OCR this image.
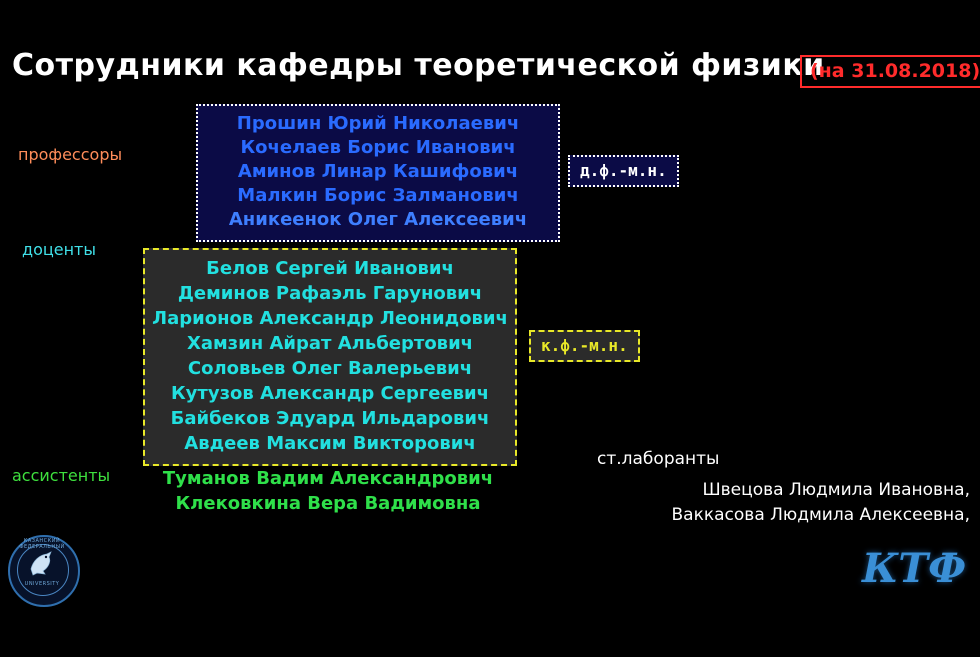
Сотрудники кафедры теоретической физики
(на 31.08.2018)
профессоры
доценты
ассистенты
Прошин Юрий Николаевич
Кочелаев Борис Иванович
Аминов Линар Кашифович
Малкин Борис Залманович
Аникеенок Олег Алексеевич
д.ф.-м.н.
Белов Сергей Иванович
Деминов Рафаэль Гарунович
Ларионов Александр Леонидович
Хамзин Айрат Альбертович
Соловьев Олег Валерьевич
Кутузов Александр Сергеевич
Байбеков Эдуард Ильдарович
Авдеев Максим Викторович
к.ф.-м.н.
Туманов Вадим Александрович
Клековкина Вера Вадимовна
ст.лаборанты
Швецова Людмила Ивановна,
Ваккасова Людмила Алексеевна,
КАЗАНСКИЙ ФЕДЕРАЛЬНЫЙ
UNIVERSITY	КТФ
